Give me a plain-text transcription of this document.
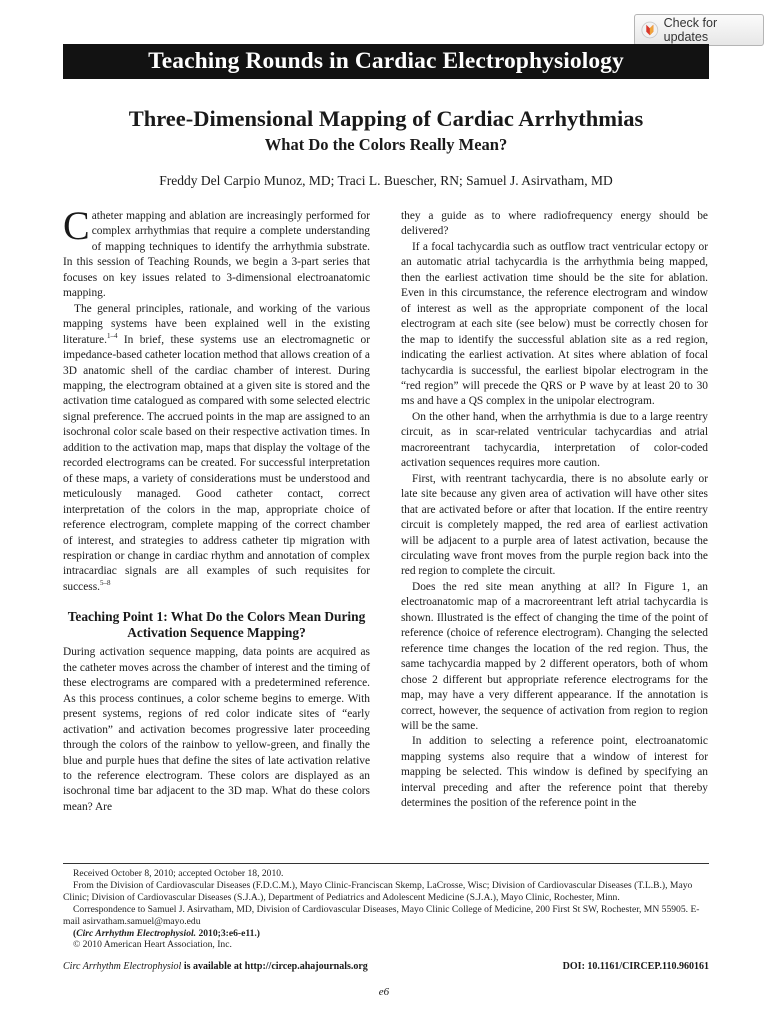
Check for updates
Teaching Rounds in Cardiac Electrophysiology
Three-Dimensional Mapping of Cardiac Arrhythmias
What Do the Colors Really Mean?
Freddy Del Carpio Munoz, MD; Traci L. Buescher, RN; Samuel J. Asirvatham, MD

Catheter mapping and ablation are increasingly performed for complex arrhythmias that require a complete understanding of mapping techniques to identify the arrhythmia substrate. In this session of Teaching Rounds, we begin a 3-part series that focuses on key issues related to 3-dimensional electroanatomic mapping.

The general principles, rationale, and working of the various mapping systems have been explained well in the existing literature.$^{1-4}$ In brief, these systems use an electromagnetic or impedance-based catheter location method that allows creation of a 3D anatomic shell of the cardiac chamber of interest. During mapping, the electrogram obtained at a given site is stored and the activation time catalogued as compared with some selected electric signal preference. The accrued points in the map are assigned to an isochronal color scale based on their respective activation times. In addition to the activation map, maps that display the voltage of the recorded electrograms can be created. For successful interpretation of these maps, a variety of considerations must be understood and meticulously managed. Good catheter contact, correct interpretation of the colors in the map, appropriate choice of reference electrogram, complete mapping of the correct chamber of interest, and strategies to address catheter tip migration with respiration or change in cardiac rhythm and annotation of complex intracardiac signals are all examples of such requisites for success.$^{5-8}$

Teaching Point 1: What Do the Colors Mean During Activation Sequence Mapping?

During activation sequence mapping, data points are acquired as the catheter moves across the chamber of interest and the timing of these electrograms are compared with a predetermined reference. As this process continues, a color scheme begins to emerge. With present systems, regions of red color indicate sites of “early activation” and activation becomes progressive later proceeding through the colors of the rainbow to yellow-green, and finally the blue and purple hues that define the sites of late activation relative to the reference electrogram. These colors are displayed as an isochronal time bar adjacent to the 3D map. What do these colors mean? Are

they a guide as to where radiofrequency energy should be delivered?

If a focal tachycardia such as outflow tract ventricular ectopy or an automatic atrial tachycardia is the arrhythmia being mapped, then the earliest activation time should be the site for ablation. Even in this circumstance, the reference electrogram and window of interest as well as the appropriate component of the local electrogram at each site (see below) must be correctly chosen for the map to identify the successful ablation site as a red region, indicating the earliest activation. At sites where ablation of focal tachycardia is successful, the earliest bipolar electrogram in the “red region” will precede the QRS or P wave by at least 20 to 30 ms and have a QS complex in the unipolar electrogram.

On the other hand, when the arrhythmia is due to a large reentry circuit, as in scar-related ventricular tachycardias and atrial macroreentrant tachycardia, interpretation of color-coded activation sequences requires more caution.

First, with reentrant tachycardia, there is no absolute early or late site because any given area of activation will have other sites that are activated before or after that location. If the entire reentry circuit is completely mapped, the red area of earliest activation will be adjacent to a purple area of latest activation, because the circulating wave front moves from the purple region back into the red region to complete the circuit.

Does the red site mean anything at all? In Figure 1, an electroanatomic map of a macroreentrant left atrial tachycardia is shown. Illustrated is the effect of changing the time of the point of reference (choice of reference electrogram). Changing the selected reference time changes the location of the red region. Thus, the same tachycardia mapped by 2 different operators, both of whom chose 2 different but appropriate reference electrograms for the map, may have a very different appearance. If the annotation is correct, however, the sequence of activation from region to region will be the same.

In addition to selecting a reference point, electroanatomic mapping systems also require that a window of interest for mapping be selected. This window is defined by specifying an interval preceding and after the reference point that thereby determines the position of the reference point in the

Received October 8, 2010; accepted October 18, 2010.

From the Division of Cardiovascular Diseases (F.D.C.M.), Mayo Clinic-Franciscan Skemp, LaCrosse, Wisc; Division of Cardiovascular Diseases (T.L.B.), Mayo Clinic; Division of Cardiovascular Diseases (S.J.A.), Department of Pediatrics and Adolescent Medicine (S.J.A.), Mayo Clinic, Rochester, Minn.

Correspondence to Samuel J. Asirvatham, MD, Division of Cardiovascular Diseases, Mayo Clinic College of Medicine, 200 First St SW, Rochester, MN 55905. E-mail asirvatham.samuel@mayo.edu

(Circ Arrhythm Electrophysiol. 2010;3:e6-e11.)

© 2010 American Heart Association, Inc.

Circ Arrhythm Electrophysiol is available at http://circep.ahajournals.org	DOI: 10.1161/CIRCEP.110.960161
e6
